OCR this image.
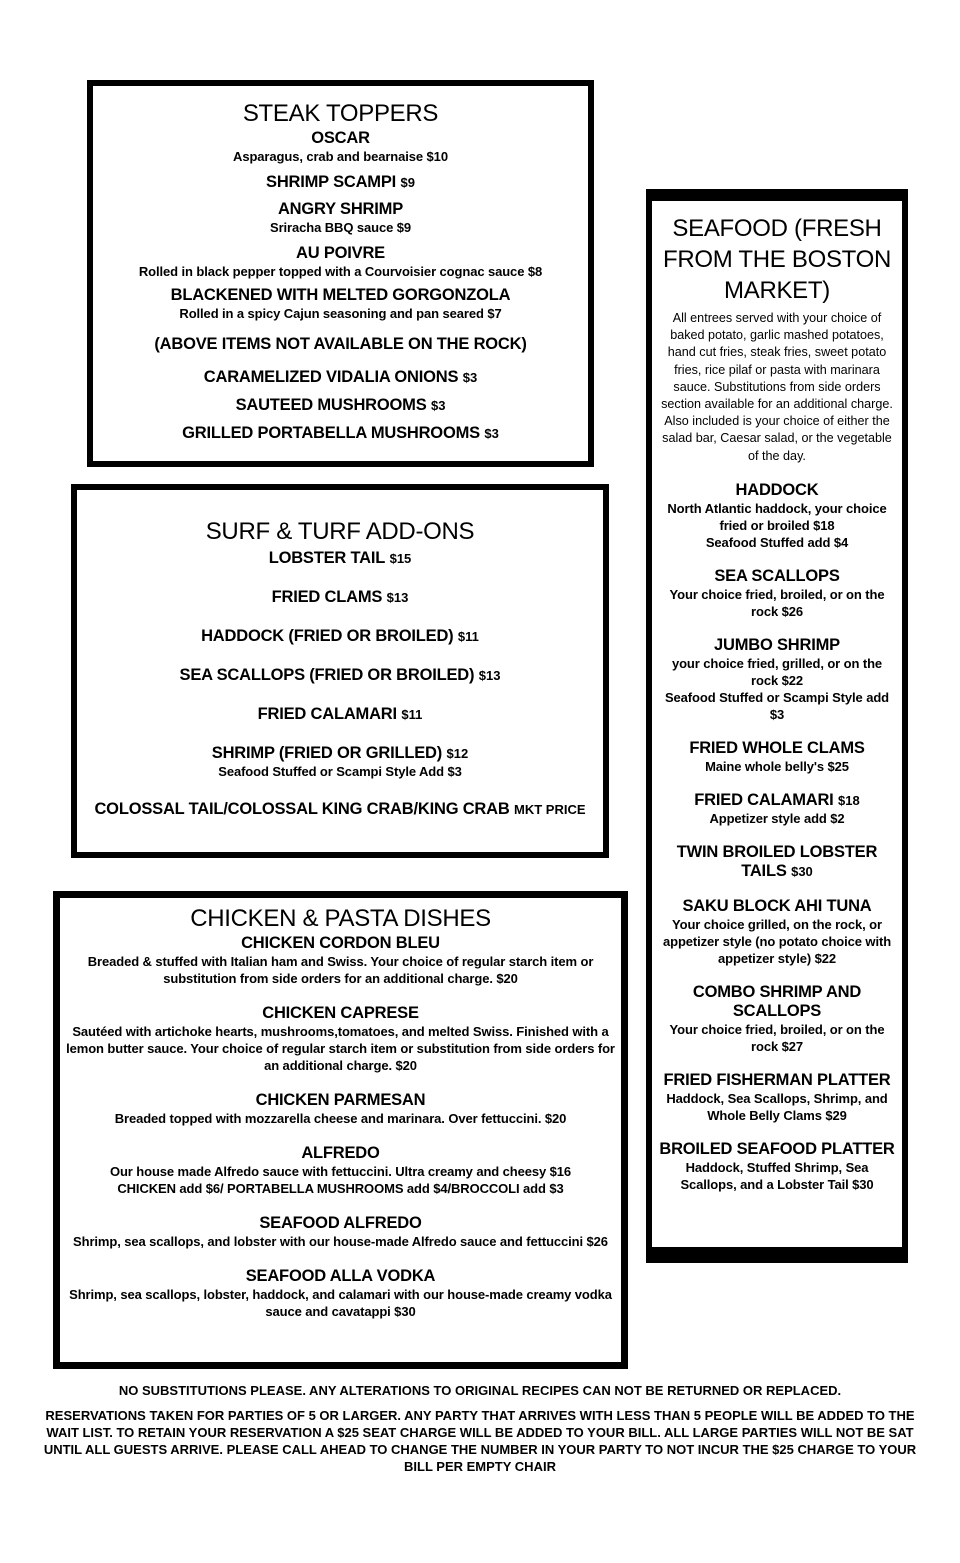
STEAK TOPPERS
OSCAR
Asparagus, crab and bearnaise $10
SHRIMP SCAMPI $9
ANGRY SHRIMP
Sriracha BBQ sauce $9
AU POIVRE
Rolled in black pepper topped with a Courvoisier cognac sauce $8
BLACKENED WITH MELTED GORGONZOLA
Rolled in a spicy Cajun seasoning and pan seared $7
(ABOVE ITEMS NOT AVAILABLE ON THE ROCK)
CARAMELIZED VIDALIA ONIONS $3
SAUTEED MUSHROOMS $3
GRILLED PORTABELLA MUSHROOMS $3
SURF & TURF ADD-ONS
LOBSTER TAIL $15
FRIED CLAMS $13
HADDOCK (FRIED OR BROILED) $11
SEA SCALLOPS (FRIED OR BROILED) $13
FRIED CALAMARI $11
SHRIMP (FRIED OR GRILLED) $12
Seafood Stuffed or Scampi Style Add $3
COLOSSAL TAIL/COLOSSAL KING CRAB/KING CRAB MKT PRICE
CHICKEN & PASTA DISHES
CHICKEN CORDON BLEU
Breaded & stuffed with Italian ham and Swiss. Your choice of regular starch item or substitution from side orders for an additional charge. $20
CHICKEN CAPRESE
Sautéed with artichoke hearts, mushrooms,tomatoes, and melted Swiss. Finished with a lemon butter sauce. Your choice of regular starch item or substitution from side orders for an additional charge. $20
CHICKEN PARMESAN
Breaded topped with mozzarella cheese and marinara. Over fettuccini. $20
ALFREDO
Our house made Alfredo sauce with fettuccini. Ultra creamy and cheesy $16
CHICKEN add $6/ PORTABELLA MUSHROOMS add $4/BROCCOLI add $3
SEAFOOD ALFREDO
Shrimp, sea scallops, and lobster with our house-made Alfredo sauce and fettuccini $26
SEAFOOD ALLA VODKA
Shrimp, sea scallops, lobster, haddock, and calamari with our house-made creamy vodka sauce and cavatappi $30
SEAFOOD (FRESH FROM THE BOSTON MARKET)

All entrees served with your choice of baked potato, garlic mashed potatoes, hand cut fries, steak fries, sweet potato fries, rice pilaf or pasta with marinara sauce. Substitutions from side orders section available for an additional charge. Also included is your choice of either the salad bar, Caesar salad, or the vegetable of the day.

HADDOCK
North Atlantic haddock, your choice fried or broiled $18
Seafood Stuffed add $4
SEA SCALLOPS
Your choice fried, broiled, or on the rock $26
JUMBO SHRIMP
your choice fried, grilled, or on the rock $22
Seafood Stuffed or Scampi Style add $3
FRIED WHOLE CLAMS
Maine whole belly's $25
FRIED CALAMARI $18
Appetizer style add $2
TWIN BROILED LOBSTER TAILS $30
SAKU BLOCK AHI TUNA
Your choice grilled, on the rock, or appetizer style (no potato choice with appetizer style) $22
COMBO SHRIMP AND SCALLOPS
Your choice fried, broiled, or on the rock $27
FRIED FISHERMAN PLATTER
Haddock, Sea Scallops, Shrimp, and Whole Belly Clams $29
BROILED SEAFOOD PLATTER
Haddock, Stuffed Shrimp, Sea Scallops, and a Lobster Tail $30

NO SUBSTITUTIONS PLEASE. ANY ALTERATIONS TO ORIGINAL RECIPES CAN NOT BE RETURNED OR REPLACED.

RESERVATIONS TAKEN FOR PARTIES OF 5 OR LARGER. ANY PARTY THAT ARRIVES WITH LESS THAN 5 PEOPLE WILL BE ADDED TO THE WAIT LIST. TO RETAIN YOUR RESERVATION A $25 SEAT CHARGE WILL BE ADDED TO YOUR BILL. ALL LARGE PARTIES WILL NOT BE SAT UNTIL ALL GUESTS ARRIVE. PLEASE CALL AHEAD TO CHANGE THE NUMBER IN YOUR PARTY TO NOT INCUR THE $25 CHARGE TO YOUR BILL PER EMPTY CHAIR
